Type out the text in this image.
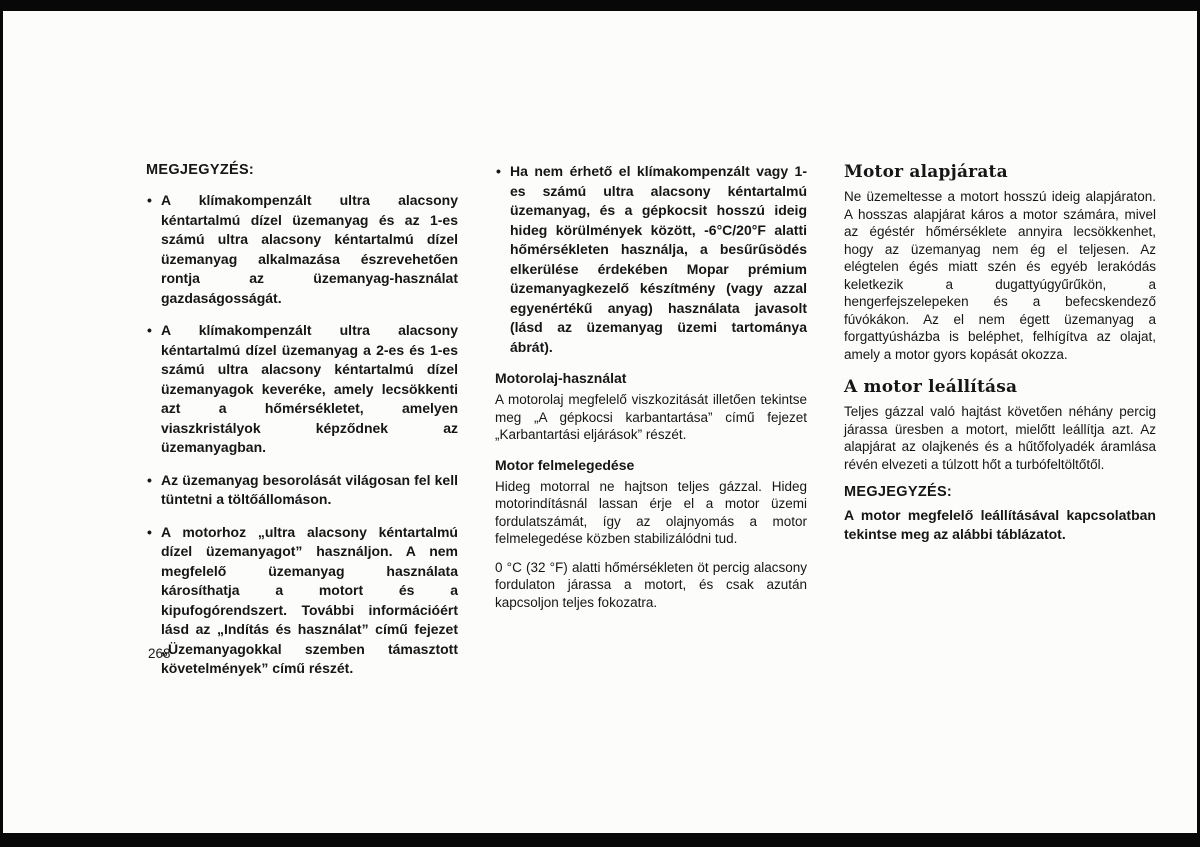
MEGJEGYZÉS:

• A klímakompenzált ultra alacsony kéntartalmú dízel üzemanyag és az 1-es számú ultra alacsony kéntartalmú dízel üzemanyag alkalmazása észrevehetően rontja az üzemanyag-használat gazdaságosságát.

• A klímakompenzált ultra alacsony kéntartalmú dízel üzemanyag a 2-es és 1-es számú ultra alacsony kéntartalmú dízel üzemanyagok keveréke, amely lecsökkenti azt a hőmérsékletet, amelyen viaszkristályok képződnek az üzemanyagban.

• Az üzemanyag besorolását világosan fel kell tüntetni a töltőállomáson.

• A motorhoz „ultra alacsony kéntartalmú dízel üzemanyagot” használjon. A nem megfelelő üzemanyag használata károsíthatja a motort és a kipufogórendszert. További információért lásd az „Indítás és használat” című fejezet „Üzemanyagokkal szemben támasztott követelmények” című részét.

• Ha nem érhető el klímakompenzált vagy 1-es számú ultra alacsony kéntartalmú üzemanyag, és a gépkocsit hosszú ideig hideg körülmények között, -6°C/20°F alatti hőmérsékleten használja, a besűrűsödés elkerülése érdekében Mopar prémium üzemanyagkezelő készítmény (vagy azzal egyenértékű anyag) használata javasolt (lásd az üzemanyag üzemi tartománya ábrát).

Motorolaj-használat

A motorolaj megfelelő viszkozitását illetően tekintse meg „A gépkocsi karbantartása” című fejezet „Karbantartási eljárások” részét.

Motor felmelegedése

Hideg motorral ne hajtson teljes gázzal. Hideg motorindításnál lassan érje el a motor üzemi fordulatszámát, így az olajnyomás a motor felmelegedése közben stabilizálódni tud.

0 °C (32 °F) alatti hőmérsékleten öt percig alacsony fordulaton járassa a motort, és csak azután kapcsoljon teljes fokozatra.

Motor alapjárata

Ne üzemeltesse a motort hosszú ideig alapjáraton. A hosszas alapjárat káros a motor számára, mivel az égéstér hőmérséklete annyira lecsökkenhet, hogy az üzemanyag nem ég el teljesen. Az elégtelen égés miatt szén és egyéb lerakódás keletkezik a dugattyúgyűrűkön, a hengerfejszelepeken és a befecskendező fúvókákon. Az el nem égett üzemanyag a forgattyúsházba is beléphet, felhígítva az olajat, amely a motor gyors kopását okozza.

A motor leállítása

Teljes gázzal való hajtást követően néhány percig járassa üresben a motort, mielőtt leállítja azt. Az alapjárat az olajkenés és a hűtőfolyadék áramlása révén elvezeti a túlzott hőt a turbófeltöltőtől.

MEGJEGYZÉS:

A motor megfelelő leállításával kapcsolatban tekintse meg az alábbi táblázatot.

268
